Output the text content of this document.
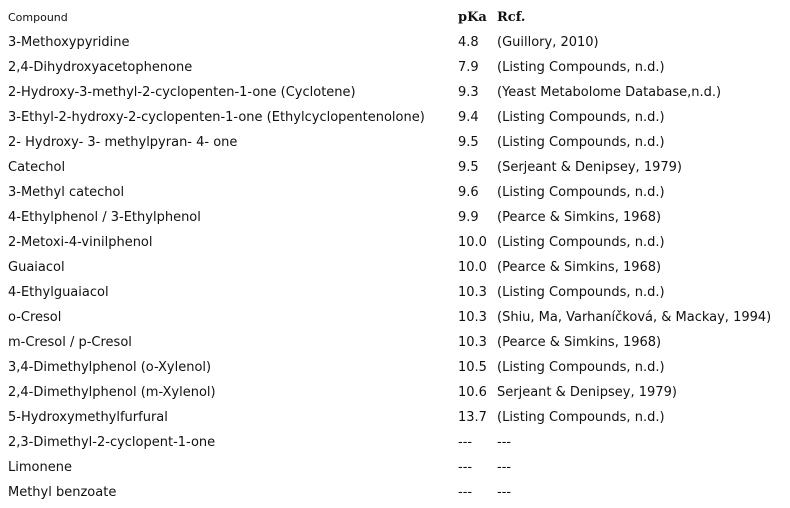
Compound	pKa Rcf.
3-Methoxypyridine	4.8 (Guillory, 2010)
2,4-Dihydroxyacetophenone	7.9 (Listing Compounds, n.d.)
2-Hydroxy-3-methyl-2-cyclopenten-1-one (Cyclotene)	9.3 (Yeast Metabolome Database,n.d.)
3-Ethyl-2-hydroxy-2-cyclopenten-1-one (Ethylcyclopentenolone)	9.4 (Listing Compounds, n.d.)
2- Hydroxy- 3- methylpyran- 4- one	9.5 (Listing Compounds, n.d.)
Catechol	9.5 (Serjeant & Denipsey, 1979)
3-Methyl catechol	9.6 (Listing Compounds, n.d.)
4-Ethylphenol / 3-Ethylphenol	9.9 (Pearce & Simkins, 1968)
2-Metoxi-4-vinilphenol	10.0 (Listing Compounds, n.d.)
Guaiacol	10.0 (Pearce & Simkins, 1968)
4-Ethylguaiacol	10.3 (Listing Compounds, n.d.)
o-Cresol	10.3 (Shiu, Ma, Varhaníčková, & Mackay, 1994)
m-Cresol / p-Cresol	10.3 (Pearce & Simkins, 1968)
3,4-Dimethylphenol (o-Xylenol)	10.5 (Listing Compounds, n.d.)
2,4-Dimethylphenol (m-Xylenol)	10.6 Serjeant & Denipsey, 1979)
5-Hydroxymethylfurfural	13.7 (Listing Compounds, n.d.)
2,3-Dimethyl-2-cyclopent-1-one	--- ---
Limonene	--- ---
Methyl benzoate	--- ---
